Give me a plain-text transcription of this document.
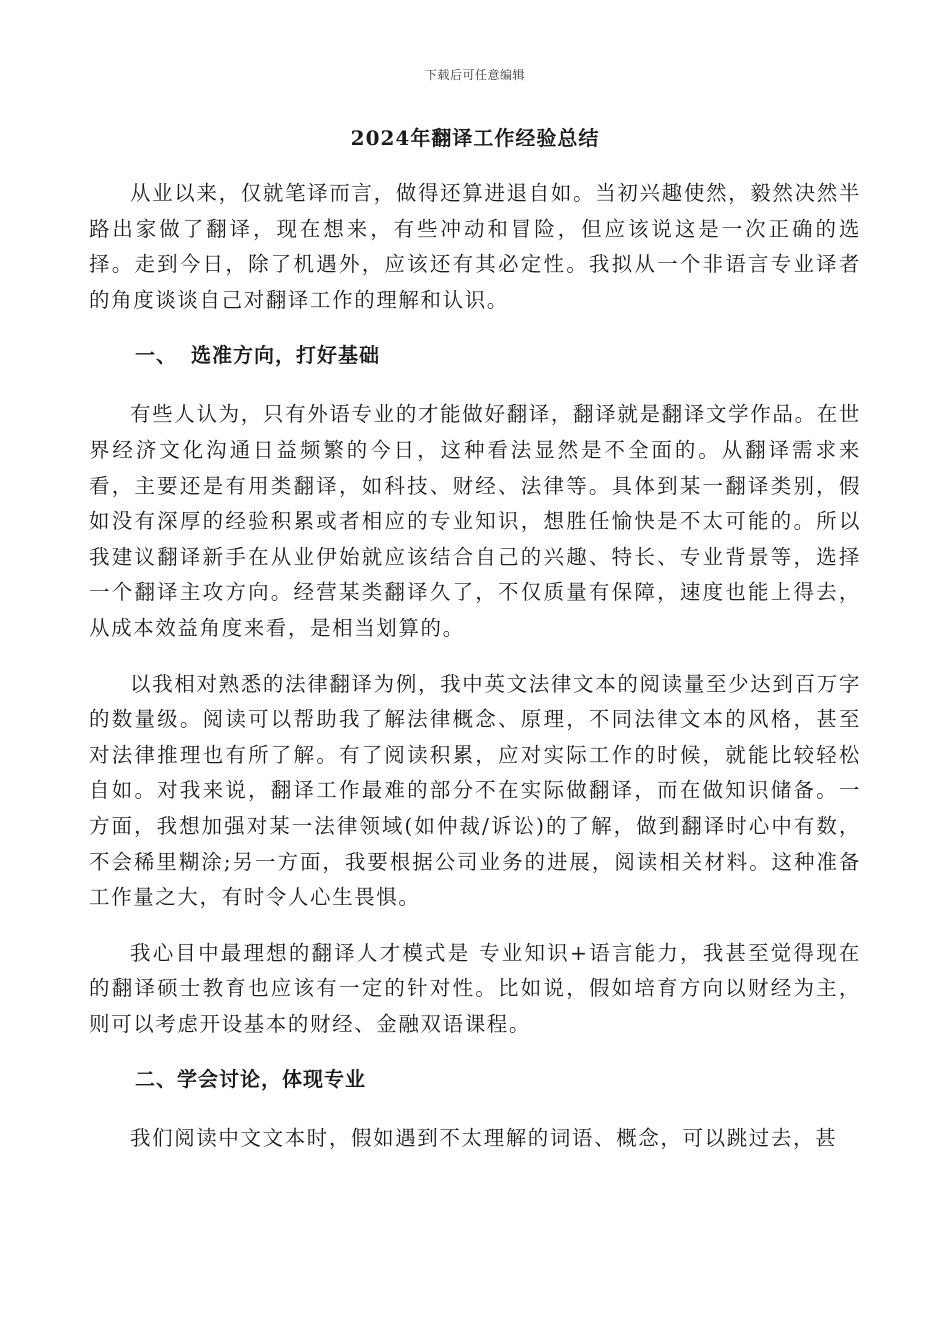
下载后可任意编辑
2024年翻译工作经验总结

从业以来，仅就笔译而言，做得还算进退自如。当初兴趣使然，毅然决然半路出家做了翻译，现在想来，有些冲动和冒险，但应该说这是一次正确的选择。走到今日，除了机遇外，应该还有其必定性。我拟从一个非语言专业译者的角度谈谈自己对翻译工作的理解和认识。

一、 选准方向，打好基础

有些人认为，只有外语专业的才能做好翻译，翻译就是翻译文学作品。在世界经济文化沟通日益频繁的今日，这种看法显然是不全面的。从翻译需求来看，主要还是有用类翻译，如科技、财经、法律等。具体到某一翻译类别，假如没有深厚的经验积累或者相应的专业知识，想胜任愉快是不太可能的。所以我建议翻译新手在从业伊始就应该结合自己的兴趣、特长、专业背景等，选择一个翻译主攻方向。经营某类翻译久了，不仅质量有保障，速度也能上得去，从成本效益角度来看，是相当划算的。

以我相对熟悉的法律翻译为例，我中英文法律文本的阅读量至少达到百万字的数量级。阅读可以帮助我了解法律概念、原理，不同法律文本的风格，甚至对法律推理也有所了解。有了阅读积累，应对实际工作的时候，就能比较轻松自如。对我来说，翻译工作最难的部分不在实际做翻译，而在做知识储备。一方面，我想加强对某一法律领域(如仲裁/诉讼)的了解，做到翻译时心中有数，不会稀里糊涂;另一方面，我要根据公司业务的进展，阅读相关材料。这种准备工作量之大，有时令人心生畏惧。

我心目中最理想的翻译人才模式是 专业知识+语言能力，我甚至觉得现在的翻译硕士教育也应该有一定的针对性。比如说，假如培育方向以财经为主，则可以考虑开设基本的财经、金融双语课程。

二、学会讨论，体现专业

我们阅读中文文本时，假如遇到不太理解的词语、概念，可以跳过去，甚
